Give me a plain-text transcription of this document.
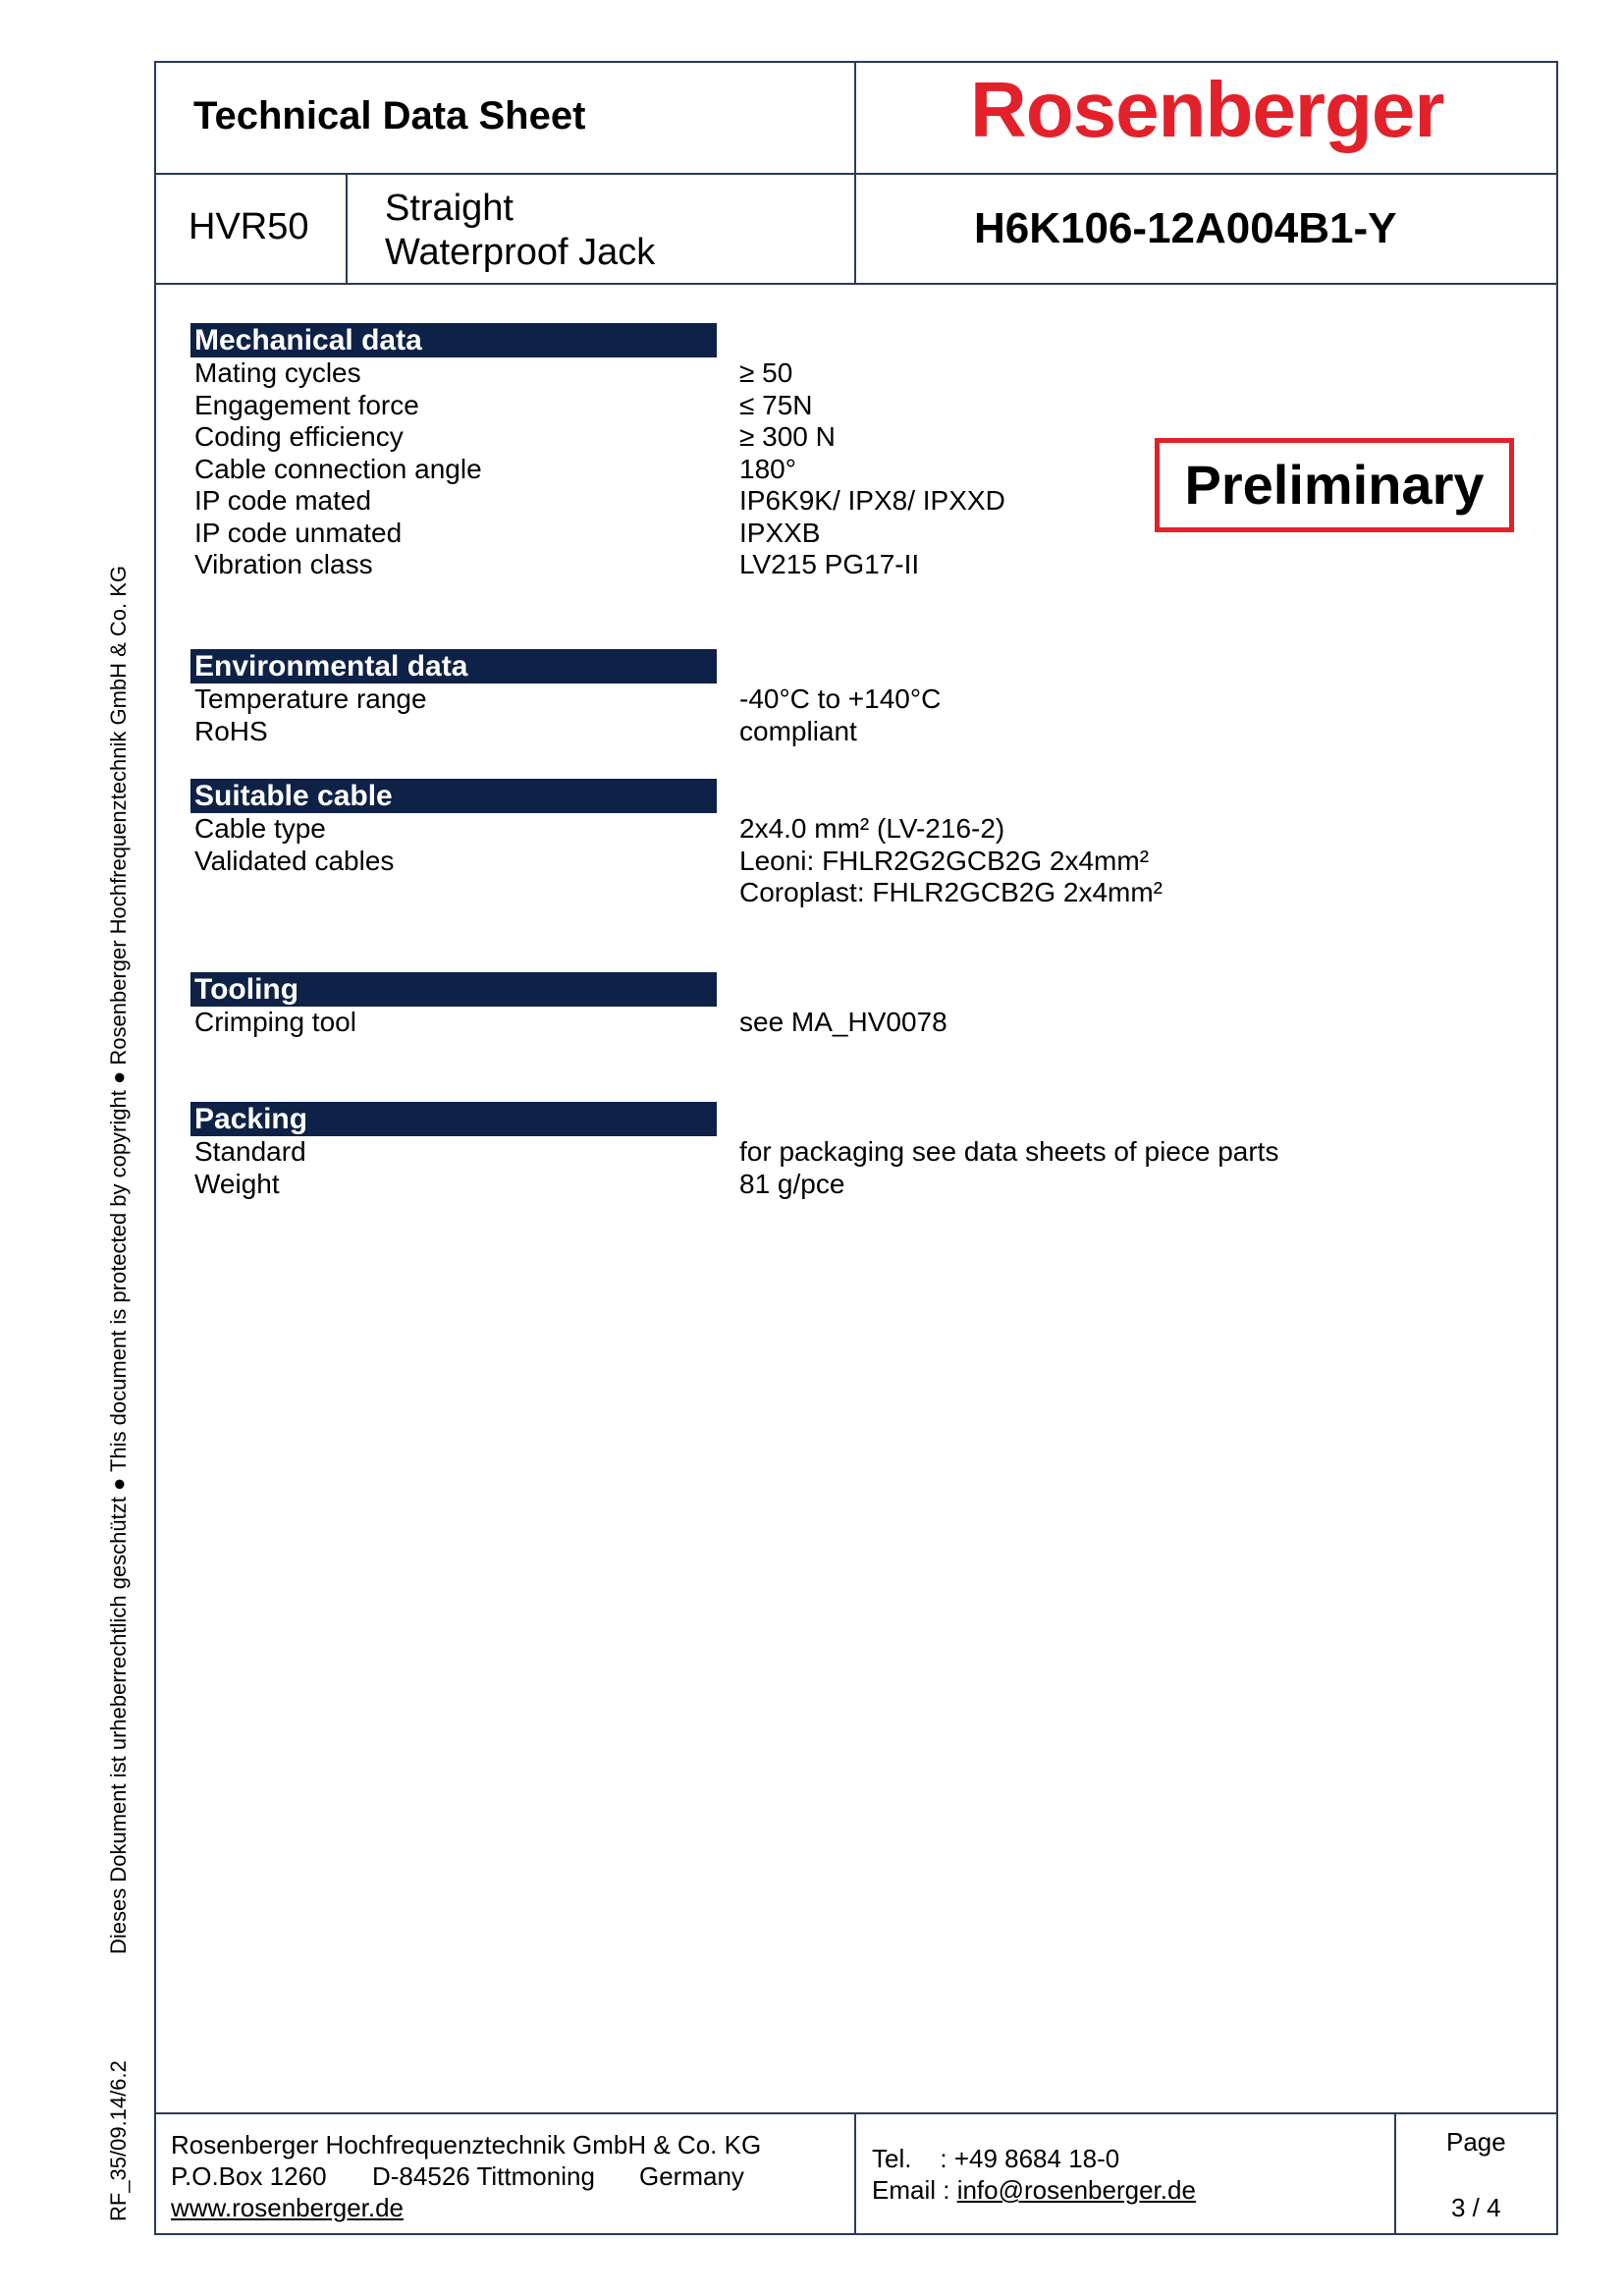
Dieses Dokument ist urheberrechtlich geschützt ● This document is protected by copyright ● Rosenberger Hochfrequenztechnik GmbH & Co. KG
RF_35/09.14/6.2
Technical Data Sheet	Rosenberger
HVR50 Straight
Waterproof Jack	H6K106-12A004B1-Y
Preliminary
Mechanical data
Mating cycles	≥ 50
Engagement force	≤ 75N
Coding efficiency	≥ 300 N
Cable connection angle	180°
IP code mated	IP6K9K/ IPX8/ IPXXD
IP code unmated	IPXXB
Vibration class	LV215 PG17-II
Environmental data
Temperature range	-40°C to +140°C
RoHS	compliant
Suitable cable
Cable type	2x4.0 mm² (LV-216-2)
Validated cables	Leoni: FHLR2G2GCB2G 2x4mm²
Coroplast: FHLR2GCB2G 2x4mm²
Tooling
Crimping tool	see MA_HV0078
Packing
Standard	for packaging see data sheets of piece parts
Weight	81 g/pce
Rosenberger Hochfrequenztechnik GmbH & Co. KG
P.O.Box 1260 D-84526 Tittmoning Germany
www.rosenberger.de
Tel.    : +49 8684 18-0
Email : info@rosenberger.de
Page
3 / 4
